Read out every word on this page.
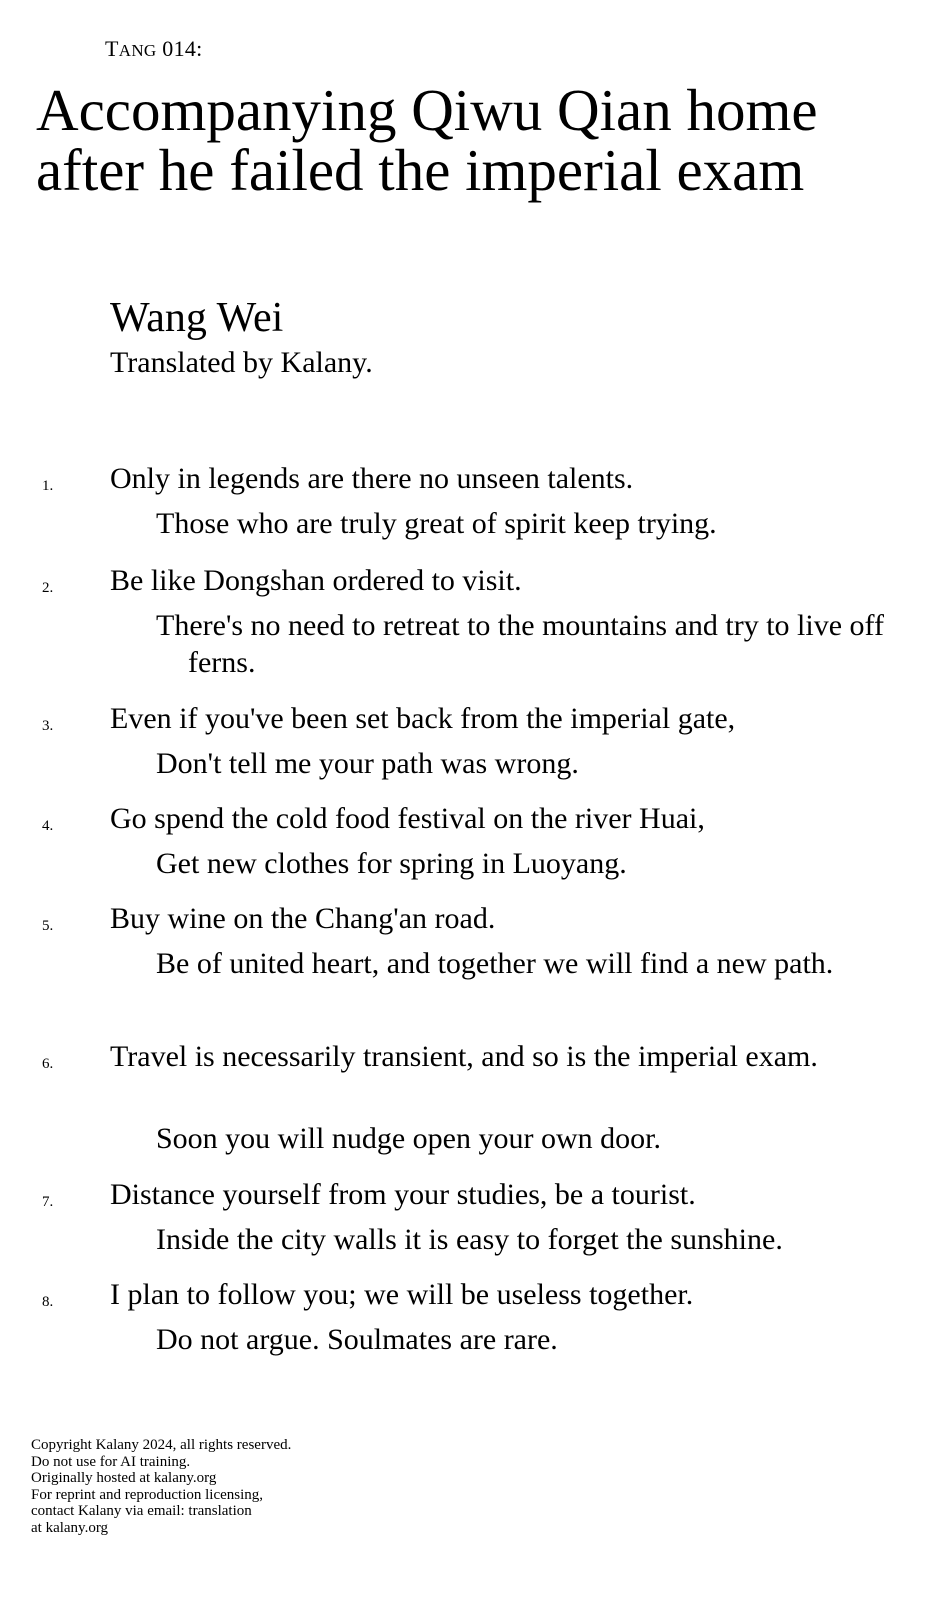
TANG 014:
Accompanying Qiwu Qian home after he failed the imperial exam
Wang Wei
Translated by Kalany.
1. Only in legends are there no unseen talents.
Those who are truly great of spirit keep trying.
2. Be like Dongshan ordered to visit.
There's no need to retreat to the mountains and try to live off ferns.
3. Even if you've been set back from the imperial gate,
Don't tell me your path was wrong.
4. Go spend the cold food festival on the river Huai,
Get new clothes for spring in Luoyang.
5. Buy wine on the Chang'an road.
Be of united heart, and together we will find a new path.
6. Travel is necessarily transient, and so is the imperial exam.
Soon you will nudge open your own door.
7. Distance yourself from your studies, be a tourist.
Inside the city walls it is easy to forget the sunshine.
8. I plan to follow you; we will be useless together.
Do not argue. Soulmates are rare.
Copyright Kalany 2024, all rights reserved.
Do not use for AI training.
Originally hosted at kalany.org
For reprint and reproduction licensing,
contact Kalany via email: translation
at kalany.org
